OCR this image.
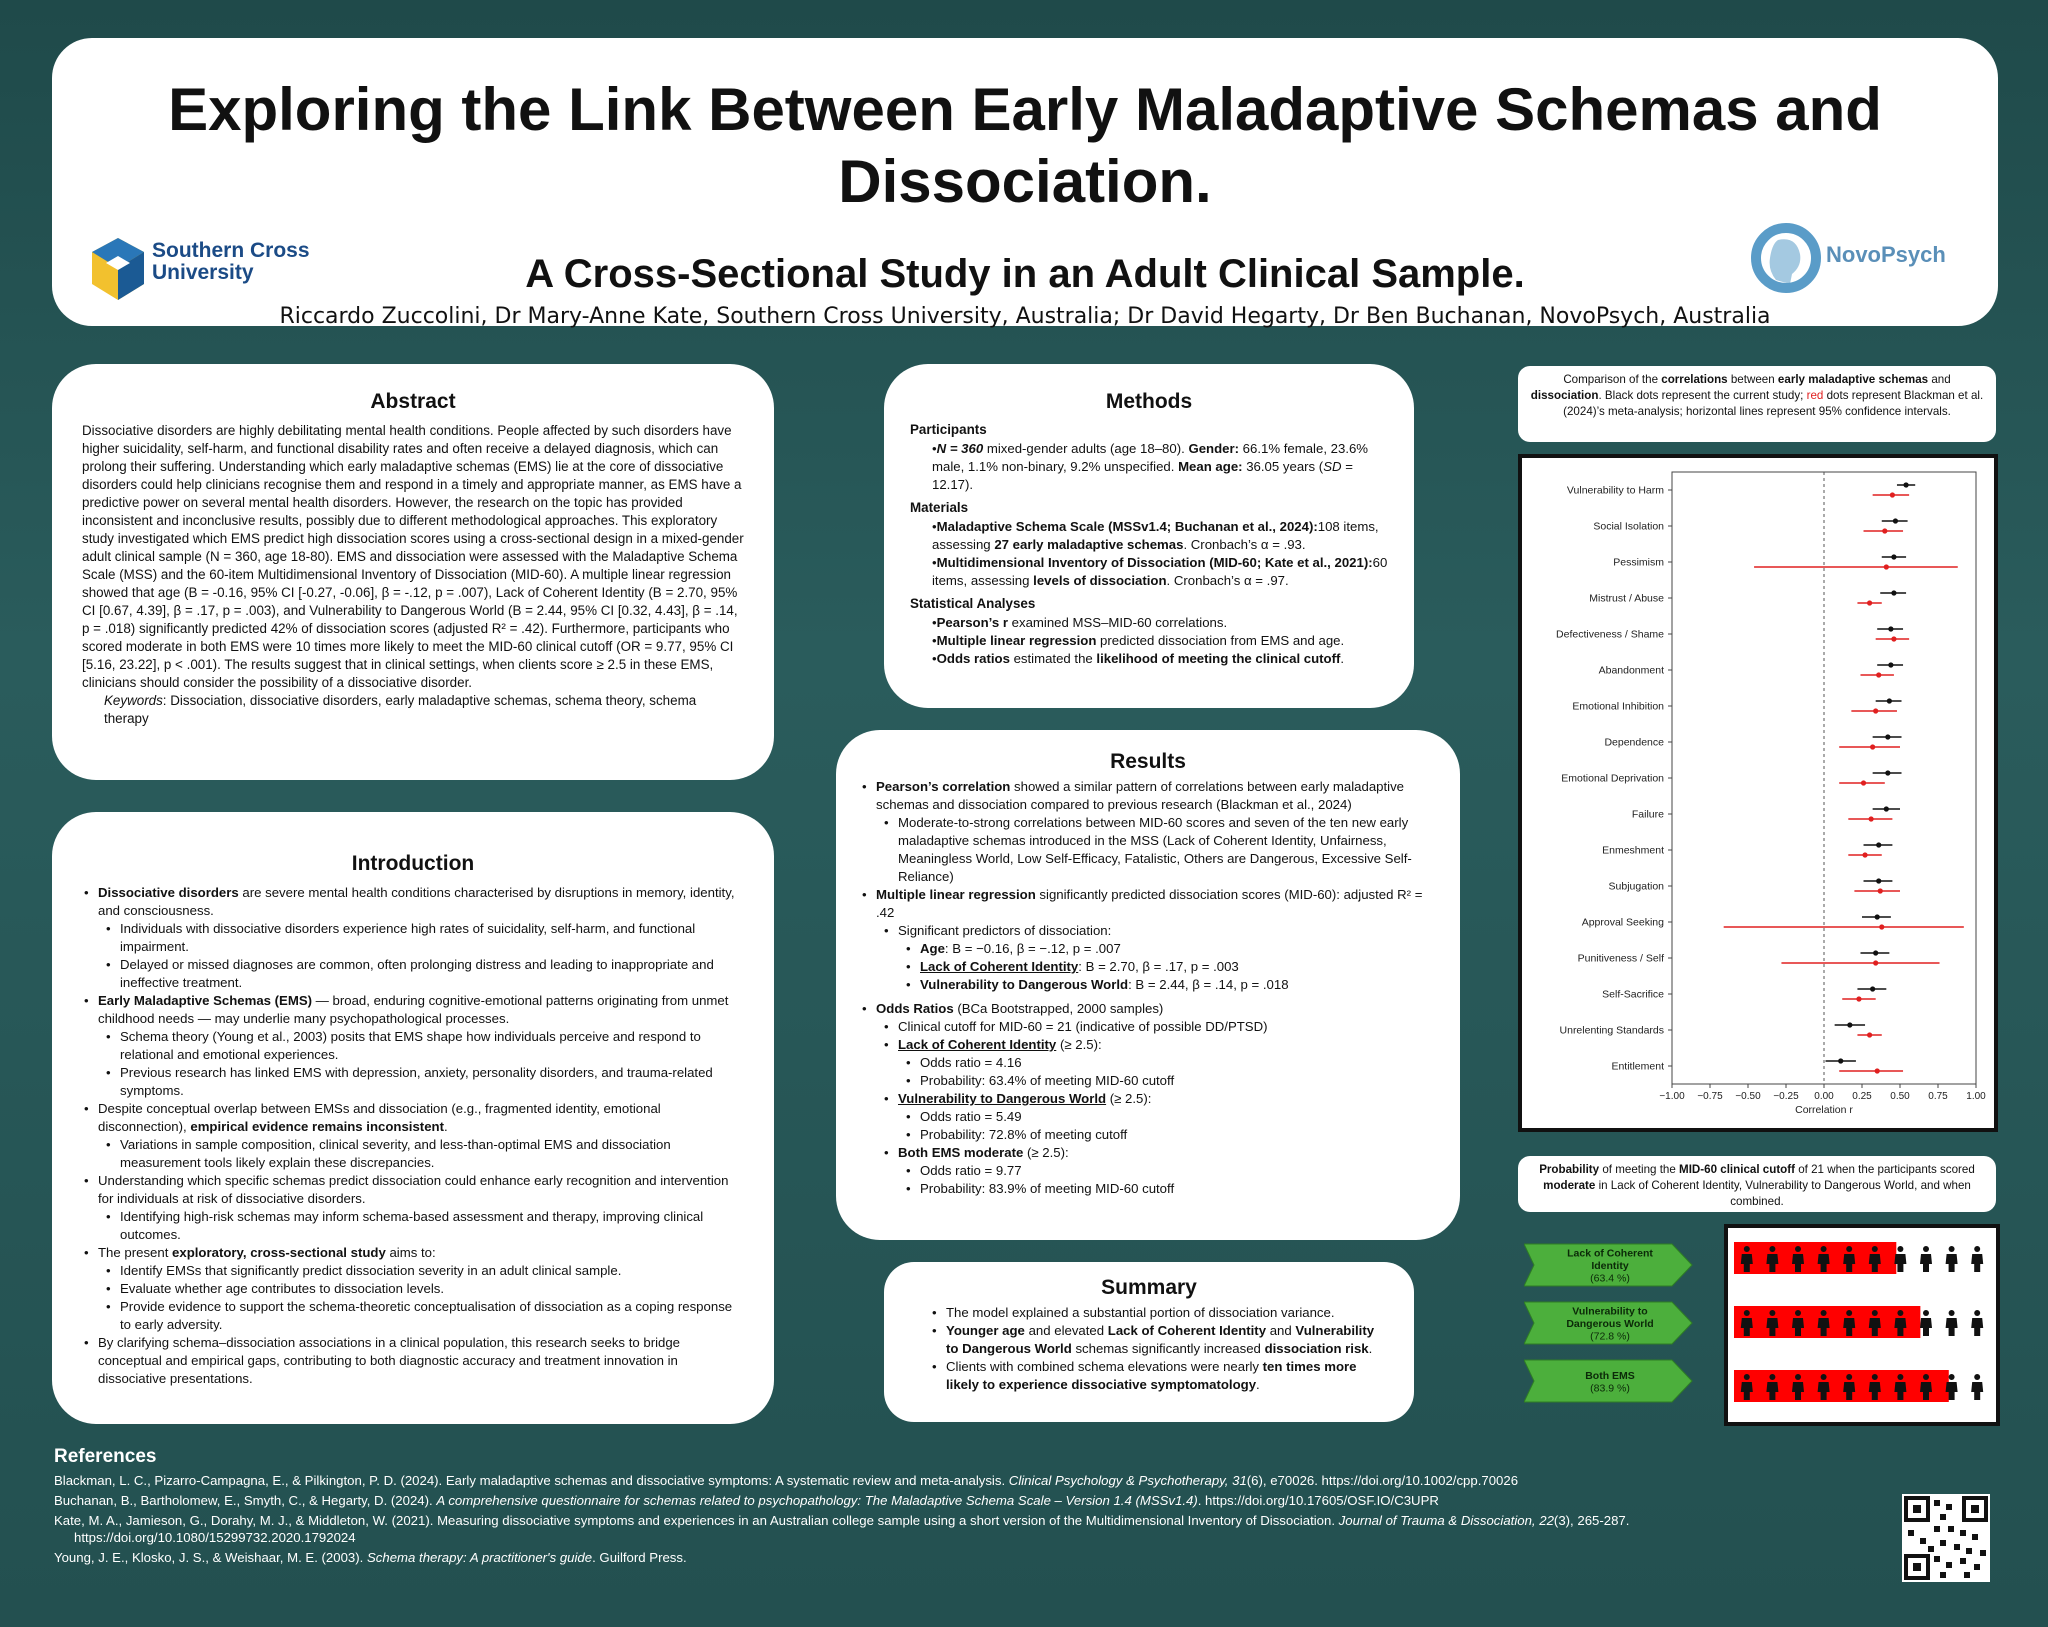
Exploring the Link Between Early Maladaptive Schemas and
Dissociation.
A Cross-Sectional Study in an Adult Clinical Sample.
Riccardo Zuccolini, Dr Mary-Anne Kate, Southern Cross University, Australia; Dr David Hegarty, Dr Ben Buchanan, NovoPsych, Australia
Southern Cross
University
NovoPsych
Abstract
Dissociative disorders are highly debilitating mental health conditions. People affected by such disorders have higher suicidality, self-harm, and functional disability rates and often receive a delayed diagnosis, which can prolong their suffering. Understanding which early maladaptive schemas (EMS) lie at the core of dissociative disorders could help clinicians recognise them and respond in a timely and appropriate manner, as EMS have a predictive power on several mental health disorders. However, the research on the topic has provided inconsistent and inconclusive results, possibly due to different methodological approaches. This exploratory study investigated which EMS predict high dissociation scores using a cross-sectional design in a mixed-gender adult clinical sample (N = 360, age 18-80). EMS and dissociation were assessed with the Maladaptive Schema Scale (MSS) and the 60-item Multidimensional Inventory of Dissociation (MID-60). A multiple linear regression showed that age (B = -0.16, 95% CI [-0.27, -0.06], β = -.12, p = .007), Lack of Coherent Identity (B = 2.70, 95% CI [0.67, 4.39], β = .17, p = .003), and Vulnerability to Dangerous World (B = 2.44, 95% CI [0.32, 4.43], β = .14, p = .018) significantly predicted 42% of dissociation scores (adjusted R² = .42). Furthermore, participants who scored moderate in both EMS were 10 times more likely to meet the MID-60 clinical cutoff (OR = 9.77, 95% CI [5.16, 23.22], p < .001). The results suggest that in clinical settings, when clients score ≥ 2.5 in these EMS, clinicians should consider the possibility of a dissociative disorder.
Keywords: Dissociation, dissociative disorders, early maladaptive schemas, schema theory, schema therapy
Introduction
• Dissociative disorders are severe mental health conditions characterised by disruptions in memory, identity, and consciousness.
• Individuals with dissociative disorders experience high rates of suicidality, self-harm, and functional impairment.
• Delayed or missed diagnoses are common, often prolonging distress and leading to inappropriate and ineffective treatment.
• Early Maladaptive Schemas (EMS) — broad, enduring cognitive-emotional patterns originating from unmet childhood needs — may underlie many psychopathological processes.
• Schema theory (Young et al., 2003) posits that EMS shape how individuals perceive and respond to relational and emotional experiences.
• Previous research has linked EMS with depression, anxiety, personality disorders, and trauma-related symptoms.
• Despite conceptual overlap between EMSs and dissociation (e.g., fragmented identity, emotional disconnection), empirical evidence remains inconsistent.
• Variations in sample composition, clinical severity, and less-than-optimal EMS and dissociation measurement tools likely explain these discrepancies.
• Understanding which specific schemas predict dissociation could enhance early recognition and intervention for individuals at risk of dissociative disorders.
• Identifying high-risk schemas may inform schema-based assessment and therapy, improving clinical outcomes.
• The present exploratory, cross-sectional study aims to:
• Identify EMSs that significantly predict dissociation severity in an adult clinical sample.
• Evaluate whether age contributes to dissociation levels.
• Provide evidence to support the schema-theoretic conceptualisation of dissociation as a coping response to early adversity.
• By clarifying schema–dissociation associations in a clinical population, this research seeks to bridge conceptual and empirical gaps, contributing to both diagnostic accuracy and treatment innovation in dissociative presentations.
Methods
Participants
•N = 360 mixed-gender adults (age 18–80). Gender: 66.1% female, 23.6% male, 1.1% non-binary, 9.2% unspecified. Mean age: 36.05 years (SD = 12.17).
Materials
•Maladaptive Schema Scale (MSSv1.4; Buchanan et al., 2024):108 items, assessing 27 early maladaptive schemas. Cronbach’s α = .93.
•Multidimensional Inventory of Dissociation (MID-60; Kate et al., 2021):60 items, assessing levels of dissociation. Cronbach’s α = .97.
Statistical Analyses
•Pearson’s r examined MSS–MID-60 correlations.
•Multiple linear regression predicted dissociation from EMS and age.
•Odds ratios estimated the likelihood of meeting the clinical cutoff.
Results
• Pearson’s correlation showed a similar pattern of correlations between early maladaptive schemas and dissociation compared to previous research (Blackman et al., 2024)
• Moderate-to-strong correlations between MID-60 scores and seven of the ten new early maladaptive schemas introduced in the MSS (Lack of Coherent Identity, Unfairness, Meaningless World, Low Self-Efficacy, Fatalistic, Others are Dangerous, Excessive Self-Reliance)
• Multiple linear regression significantly predicted dissociation scores (MID-60): adjusted R² = .42
• Significant predictors of dissociation:
• Age: B = −0.16, β = −.12, p = .007
• Lack of Coherent Identity: B = 2.70, β = .17, p = .003
• Vulnerability to Dangerous World: B = 2.44, β = .14, p = .018
• Odds Ratios (BCa Bootstrapped, 2000 samples)
• Clinical cutoff for MID-60 = 21 (indicative of possible DD/PTSD)
• Lack of Coherent Identity (≥ 2.5):
• Odds ratio = 4.16
• Probability: 63.4% of meeting MID-60 cutoff
• Vulnerability to Dangerous World (≥ 2.5):
• Odds ratio = 5.49
• Probability: 72.8% of meeting cutoff
• Both EMS moderate (≥ 2.5):
• Odds ratio = 9.77
• Probability: 83.9% of meeting MID-60 cutoff
Summary
• The model explained a substantial portion of dissociation variance.
• Younger age and elevated Lack of Coherent Identity and Vulnerability to Dangerous World schemas significantly increased dissociation risk.
• Clients with combined schema elevations were nearly ten times more likely to experience dissociative symptomatology.
Comparison of the correlations between early maladaptive schemas and dissociation. Black dots represent the current study; red dots represent Blackman et al. (2024)’s meta-analysis; horizontal lines represent 95% confidence intervals.
−1.00 −0.75 −0.50 −0.25 0.00 0.25 0.50 0.75 1.00
Correlation r
Vulnerability to Harm
Social Isolation
Pessimism
Mistrust / Abuse
Defectiveness / Shame
Abandonment
Emotional Inhibition
Dependence
Emotional Deprivation
Failure
Enmeshment
Subjugation
Approval Seeking
Punitiveness / Self
Self-Sacrifice
Unrelenting Standards
Entitlement
Probability of meeting the MID-60 clinical cutoff of 21 when the participants scored moderate in Lack of Coherent Identity, Vulnerability to Dangerous World, and when combined.
Lack of Coherent
Identity
(63.4 %)
Vulnerability to
Dangerous World
(72.8 %)
Both EMS
(83.9 %)
References
Blackman, L. C., Pizarro-Campagna, E., & Pilkington, P. D. (2024). Early maladaptive schemas and dissociative symptoms: A systematic review and meta-analysis. Clinical Psychology & Psychotherapy, 31(6), e70026. https://doi.org/10.1002/cpp.70026
Buchanan, B., Bartholomew, E., Smyth, C., & Hegarty, D. (2024). A comprehensive questionnaire for schemas related to psychopathology: The Maladaptive Schema Scale – Version 1.4 (MSSv1.4). https://doi.org/10.17605/OSF.IO/C3UPR
Kate, M. A., Jamieson, G., Dorahy, M. J., & Middleton, W. (2021). Measuring dissociative symptoms and experiences in an Australian college sample using a short version of the Multidimensional Inventory of Dissociation. Journal of Trauma & Dissociation, 22(3), 265-287. https://doi.org/10.1080/15299732.2020.1792024
Young, J. E., Klosko, J. S., & Weishaar, M. E. (2003). Schema therapy: A practitioner's guide. Guilford Press.
